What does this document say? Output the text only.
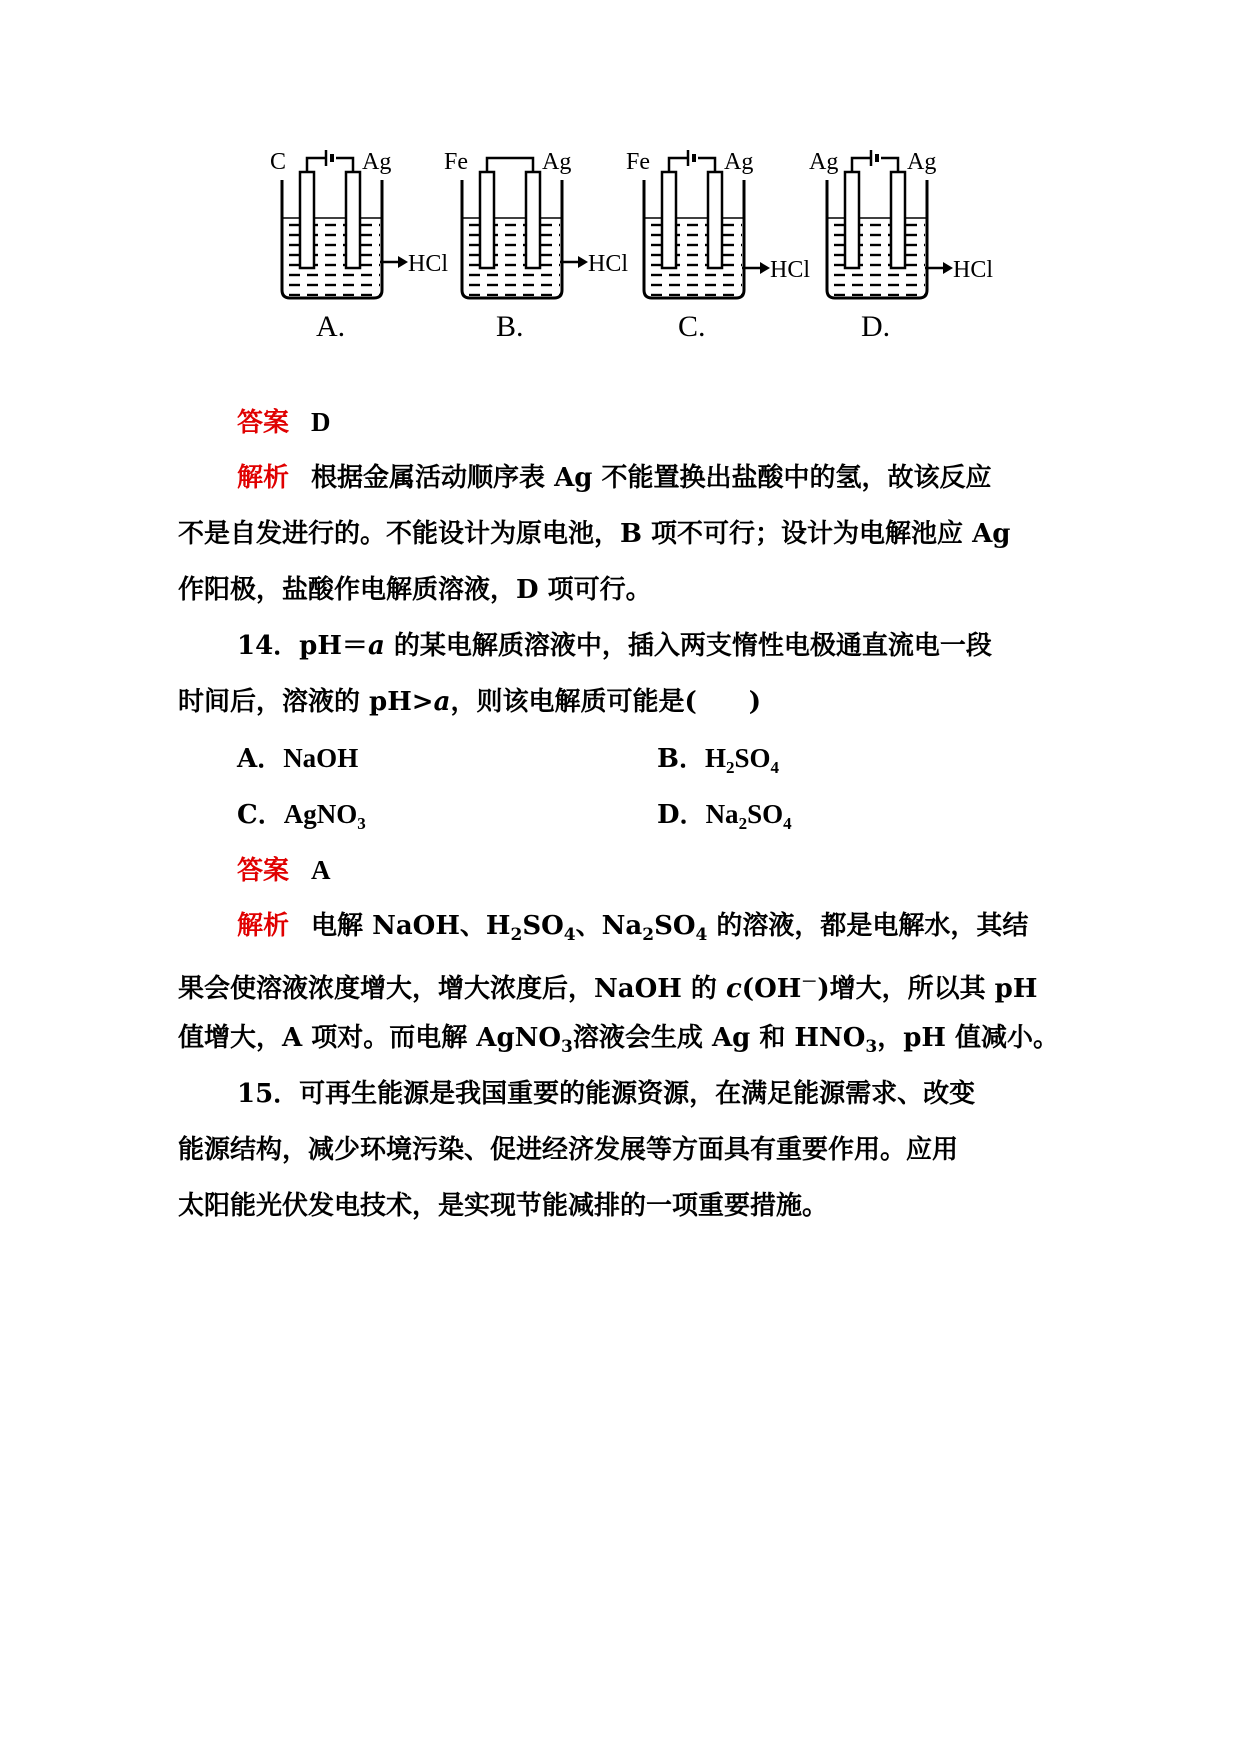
C	Ag
HCl
A.
Fe	Ag
HCl
B.
Fe	Ag
HCl
C.
Ag	Ag
HCl
D.
答案 D
解析 根据金属活动顺序表 Ag 不能置换出盐酸中的氢，故该反应
不是自发进行的。不能设计为原电池，B 项不可行；设计为电解池应 Ag
作阳极，盐酸作电解质溶液，D 项可行。
14．pH＝a 的某电解质溶液中，插入两支惰性电极通直流电一段
时间后，溶液的 pH>a，则该电解质可能是(　　)
A．NaOH	B．$H_2SO_4$
C．AgNO$_3$	D．$Na_2SO_4$
答案 A
解析 电解 NaOH、$H_2SO_4$、$Na_2SO_4$ 的溶液，都是电解水，其结
果会使溶液浓度增大，增大浓度后，NaOH 的 c(OH－)增大，所以其 pH
值增大，A 项对。而电解 AgNO$_3$溶液会生成 Ag 和 $HNO_3$，pH 值减小。
15．可再生能源是我国重要的能源资源，在满足能源需求、改变
能源结构，减少环境污染、促进经济发展等方面具有重要作用。应用
太阳能光伏发电技术，是实现节能减排的一项重要措施。
